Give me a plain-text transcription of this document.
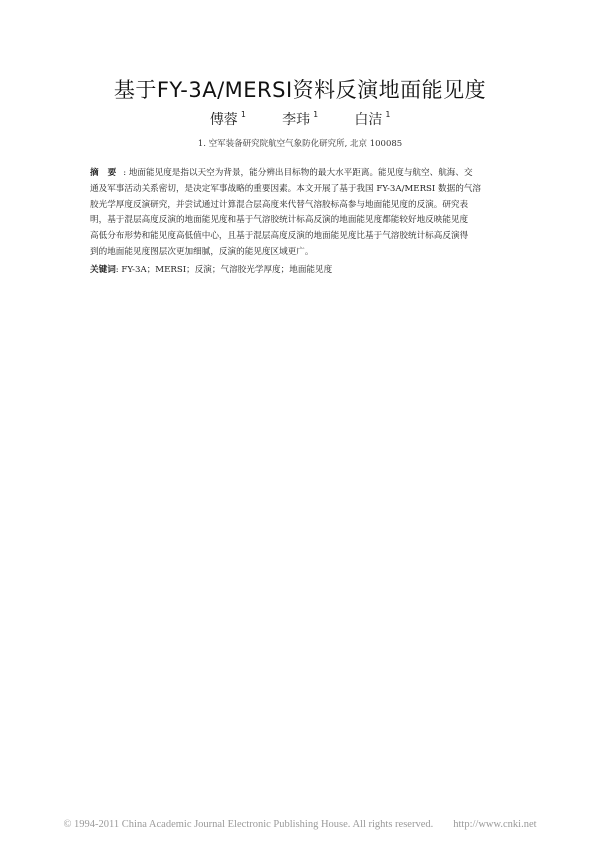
基于FY-3A/MERSI资料反演地面能见度
傅蓉 $^1$	李玮 $^1$	白洁 $^1$
1. 空军装备研究院航空气象防化研究所, 北京 100085
摘 要 : 地面能见度是指以天空为背景，能分辨出目标物的最大水平距离。能见度与航空、航海、交
通及军事活动关系密切，是决定军事战略的重要因素。本文开展了基于我国 FY-3A/MERSI 数据的气溶
胶光学厚度反演研究，并尝试通过计算混合层高度来代替气溶胶标高参与地面能见度的反演。研究表
明，基于混层高度反演的地面能见度和基于气溶胶统计标高反演的地面能见度都能较好地反映能见度
高低分布形势和能见度高低值中心，且基于混层高度反演的地面能见度比基于气溶胶统计标高反演得
到的地面能见度图层次更加细腻，反演的能见度区域更广。
关键词: FY-3A；MERSI；反演；气溶胶光学厚度；地面能见度
© 1994-2011 China Academic Journal Electronic Publishing House. All rights reserved. http://www.cnki.net
